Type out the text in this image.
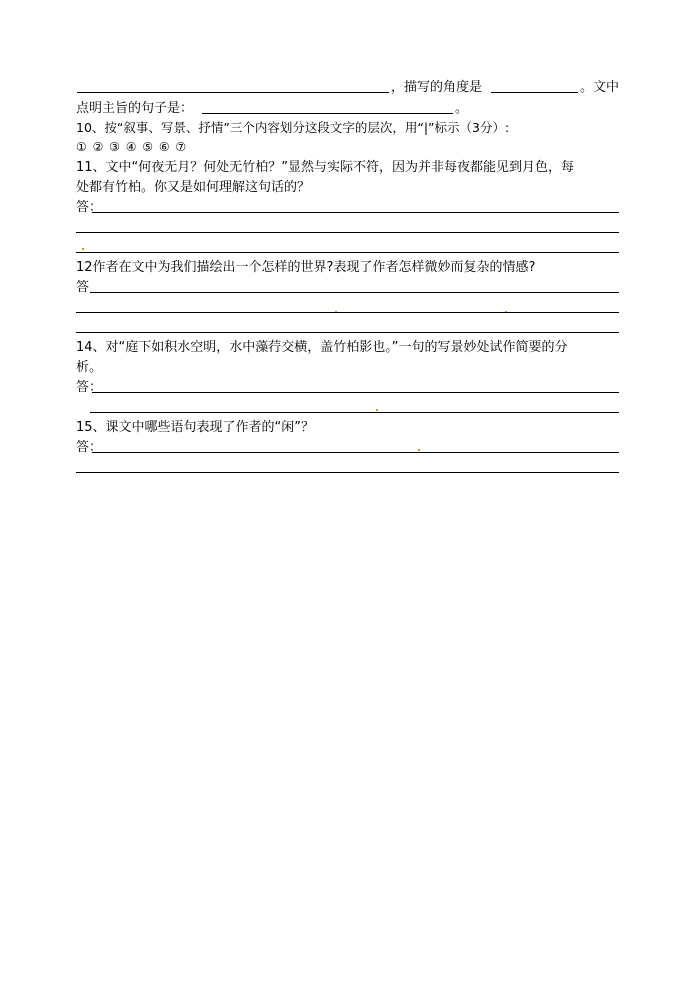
，描写的角度是	。文中
点明主旨的句子是：	。
10、按“叙事、写景、抒情”三个内容划分这段文字的层次，用“|”标示（3分）:
① ② ③ ④ ⑤ ⑥ ⑦
11、文中“何夜无月？何处无竹柏？”显然与实际不符，因为并非每夜都能见到月色，每
处都有竹柏。你又是如何理解这句话的？
答：
12作者在文中为我们描绘出一个怎样的世界?表现了作者怎样微妙而复杂的情感?
答
14、对“庭下如积水空明，水中藻荇交横，盖竹柏影也。”一句的写景妙处试作简要的分
析。
答：
15、课文中哪些语句表现了作者的“闲”？
答：
